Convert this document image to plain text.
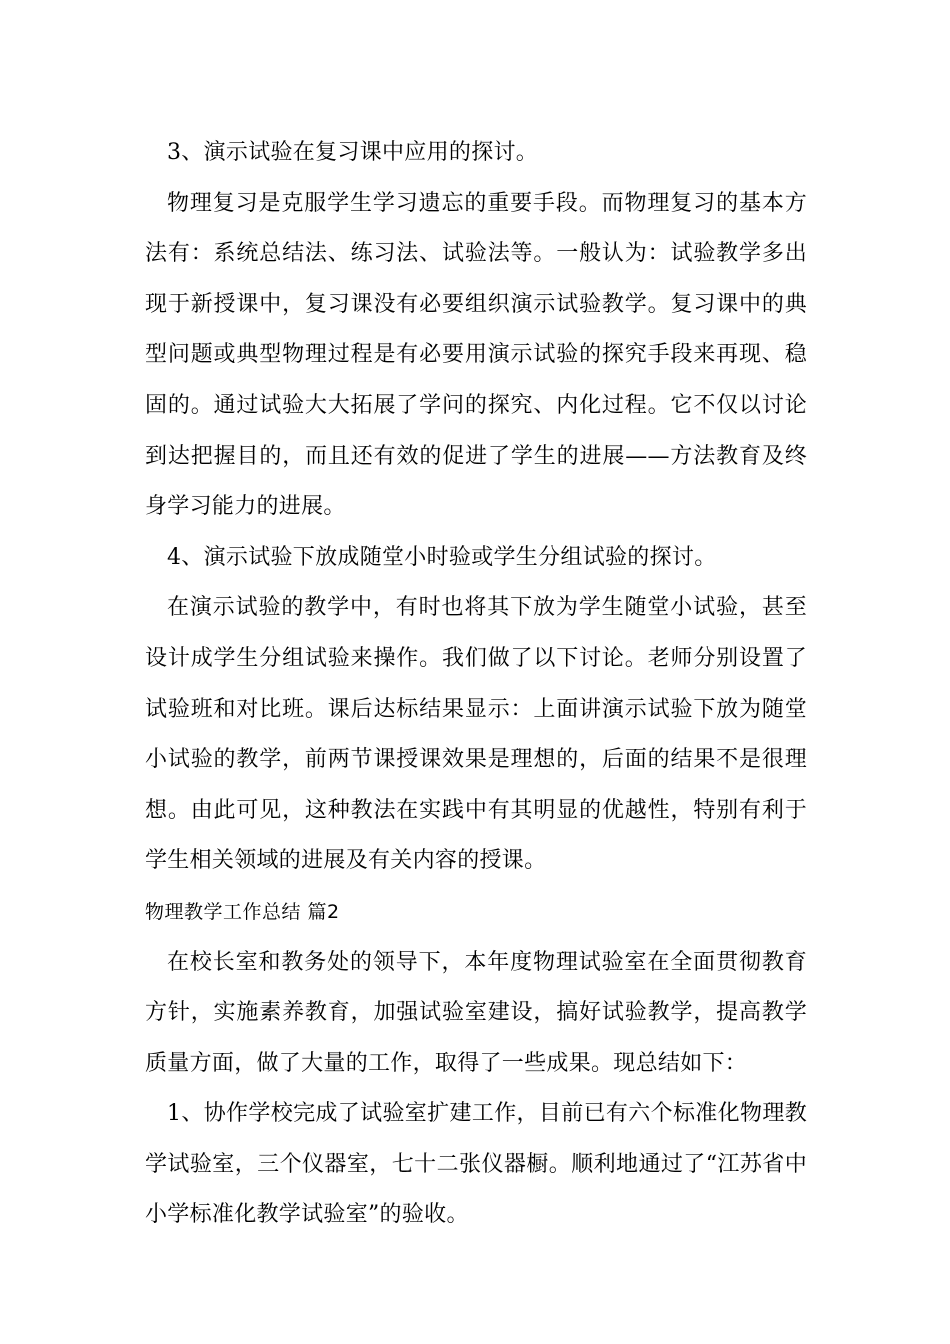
3、演示试验在复习课中应用的探讨。

物理复习是克服学生学习遗忘的重要手段。而物理复习的基本方法有：系统总结法、练习法、试验法等。一般认为：试验教学多出现于新授课中，复习课没有必要组织演示试验教学。复习课中的典型问题或典型物理过程是有必要用演示试验的探究手段来再现、稳固的。通过试验大大拓展了学问的探究、内化过程。它不仅以讨论到达把握目的，而且还有效的促进了学生的进展——方法教育及终身学习能力的进展。

4、演示试验下放成随堂小时验或学生分组试验的探讨。

在演示试验的教学中，有时也将其下放为学生随堂小试验，甚至设计成学生分组试验来操作。我们做了以下讨论。老师分别设置了试验班和对比班。课后达标结果显示：上面讲演示试验下放为随堂小试验的教学，前两节课授课效果是理想的，后面的结果不是很理想。由此可见，这种教法在实践中有其明显的优越性，特别有利于学生相关领域的进展及有关内容的授课。

物理教学工作总结 篇2

在校长室和教务处的领导下，本年度物理试验室在全面贯彻教育方针，实施素养教育，加强试验室建设，搞好试验教学，提高教学质量方面，做了大量的工作，取得了一些成果。现总结如下：

1、协作学校完成了试验室扩建工作，目前已有六个标准化物理教学试验室，三个仪器室，七十二张仪器橱。顺利地通过了“江苏省中小学标准化教学试验室”的验收。
